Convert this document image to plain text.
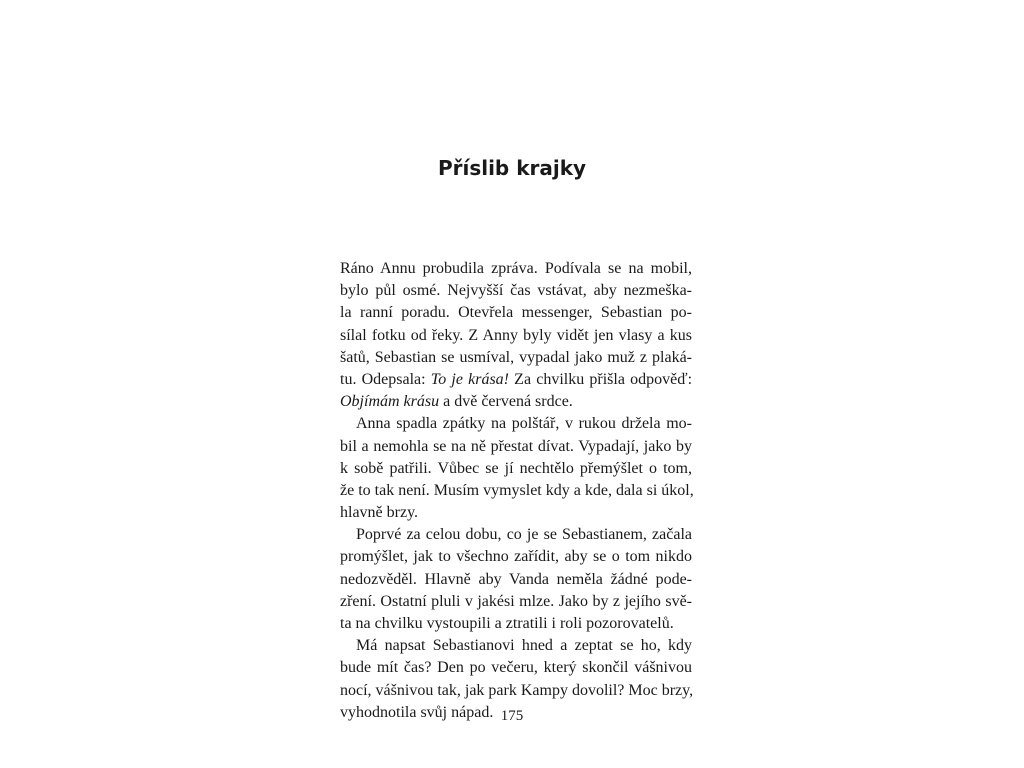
Příslib krajky
Ráno Annu probudila zpráva. Podívala se na mobil,
bylo půl osmé. Nejvyšší čas vstávat, aby nezmeška-
la ranní poradu. Otevřela messenger, Sebastian po-
sílal fotku od řeky. Z Anny byly vidět jen vlasy a kus
šatů, Sebastian se usmíval, vypadal jako muž z plaká-
tu. Odepsala: To je krása! Za chvilku přišla odpověď:
Objímám krásu a dvě červená srdce.
Anna spadla zpátky na polštář, v rukou držela mo-
bil a nemohla se na ně přestat dívat. Vypadají, jako by
k sobě patřili. Vůbec se jí nechtělo přemýšlet o tom,
že to tak není. Musím vymyslet kdy a kde, dala si úkol,
hlavně brzy.
Poprvé za celou dobu, co je se Sebastianem, začala
promýšlet, jak to všechno zařídit, aby se o tom nikdo
nedozvěděl. Hlavně aby Vanda neměla žádné pode-
zření. Ostatní pluli v jakési mlze. Jako by z jejího svě-
ta na chvilku vystoupili a ztratili i roli pozorovatelů.
Má napsat Sebastianovi hned a zeptat se ho, kdy
bude mít čas? Den po večeru, který skončil vášnivou
nocí, vášnivou tak, jak park Kampy dovolil? Moc brzy,
vyhodnotila svůj nápad. 175
